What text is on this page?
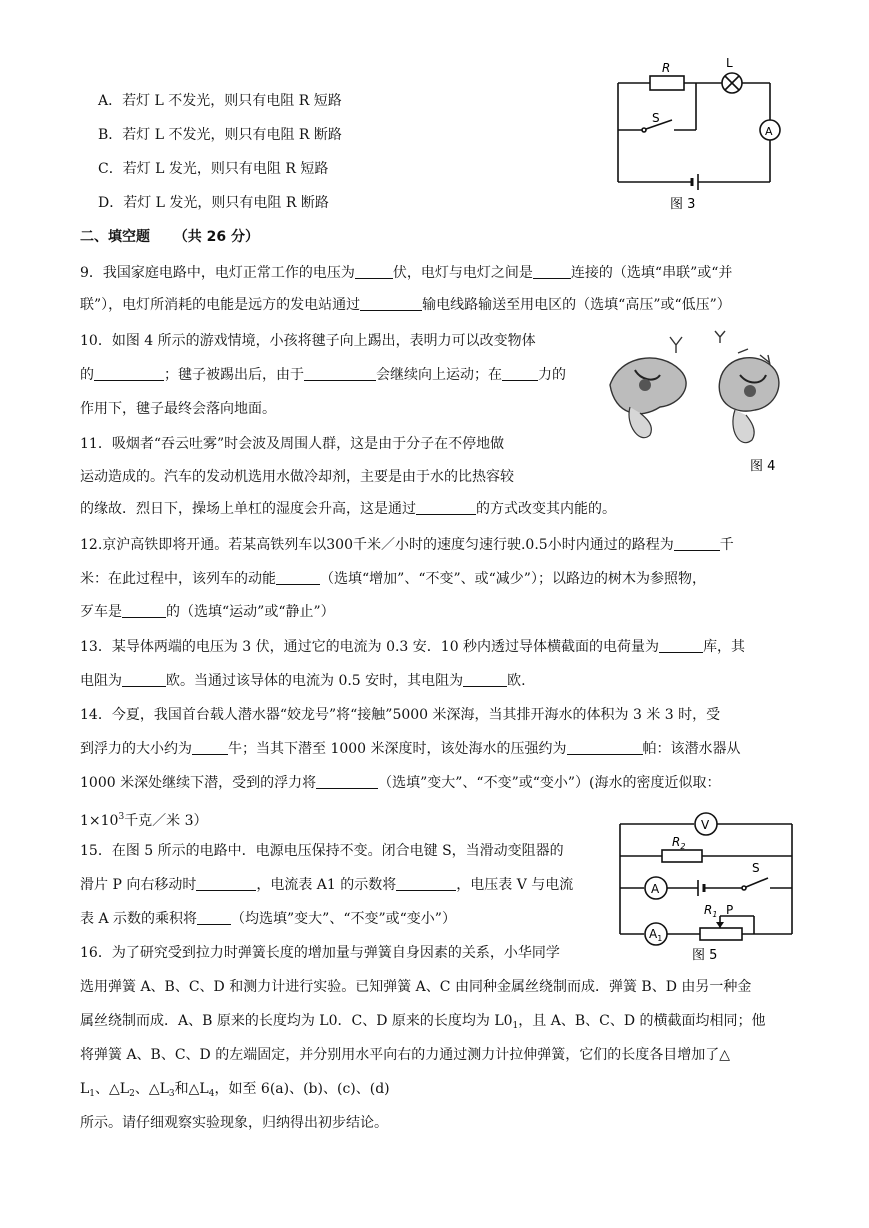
A．若灯 L 不发光，则只有电阻 R 短路
B．若灯 L 不发光，则只有电阻 R 断路
C．若灯 L 发光，则只有电阻 R 短路
D．若灯 L 发光，则只有电阻 R 断路
二、填空题 （共 26 分）
9．我国家庭电路中，电灯正常工作的电压为	伏，电灯与电灯之间是	连接的（选填“串联”或“并
联”），电灯所消耗的电能是远方的发电站通过	输电线路输送至用电区的（选填“高压”或“低压”）
10．如图 4 所示的游戏情境，小孩将毽子向上踢出，表明力可以改变物体
的	；毽子被踢出后，由于	会继续向上运动；在	力的
作用下，毽子最终会落向地面。
11．吸烟者“吞云吐雾”时会波及周围人群，这是由于分子在不停地做
运动造成的。汽车的发动机选用水做冷却剂，主要是由于水的比热容较
的缘故．烈日下，操场上单杠的湿度会升高，这是通过	的方式改变其内能的。
12.京沪高铁即将开通。若某高铁列车以300千米／小时的速度匀速行驶.0.5小时内通过的路程为	千
米：在此过程中，该列车的动能	（选填“增加”、“不变”、或“减少”）；以路边的树木为参照物，
歹车是	的（选填“运动”或“静止”）
13．某导体两端的电压为 3 伏，通过它的电流为 0.3 安．10 秒内透过导体横截面的电荷量为	库，其
电阻为	欧。当通过该导体的电流为 0.5 安时，其电阻为	欧.
14．今夏，我国首台载人潜水器“姣龙号”将“接触”5000 米深海，当其排开海水的体积为 3 米 3 时，受
到浮力的大小约为	牛；当其下潜至 1000 米深度时，该处海水的压强约为	帕：该潜水器从
1000 米深处继续下潜，受到的浮力将	（选填”变大”、“不变”或“变小”）(海水的密度近似取：
$1\times 10^3$千克／米 3）
15．在图 5 所示的电路中．电源电压保持不变。闭合电键 S，当滑动变阻器的
滑片 P 向右移动时	，电流表 A1 的示数将	，电压表 V 与电流
表 A 示数的乘积将 （均选填”变大”、“不变”或“变小”）
16．为了研究受到拉力时弹簧长度的增加量与弹簧自身因素的关系，小华同学
选用弹簧 A、B、C、D 和测力计进行实验。已知弹簧 A、C 由同种金属丝绕制而成．弹簧 B、D 由另一种金
属丝绕制而成．A、B 原来的长度均为 L0．C、D 原来的长度均为 $L0_1$，且 A、B、C、D 的横截面均相同；他
将弹簧 A、B、C、D 的左端固定，并分别用水平向右的力通过测力计拉伸弹簧，它们的长度各目增加了△
$L_1$、$\triangle L_2$、$\triangle L_3$和$\triangle L_4$，如至 6(a)、(b)、(c)、(d)
所示。请仔细观察实验现象，归纳得出初步结论。
R	L
S
A
图 3
图 4
V
$R_2$
A
S
$A_1$
$R_1$ P
图 5
